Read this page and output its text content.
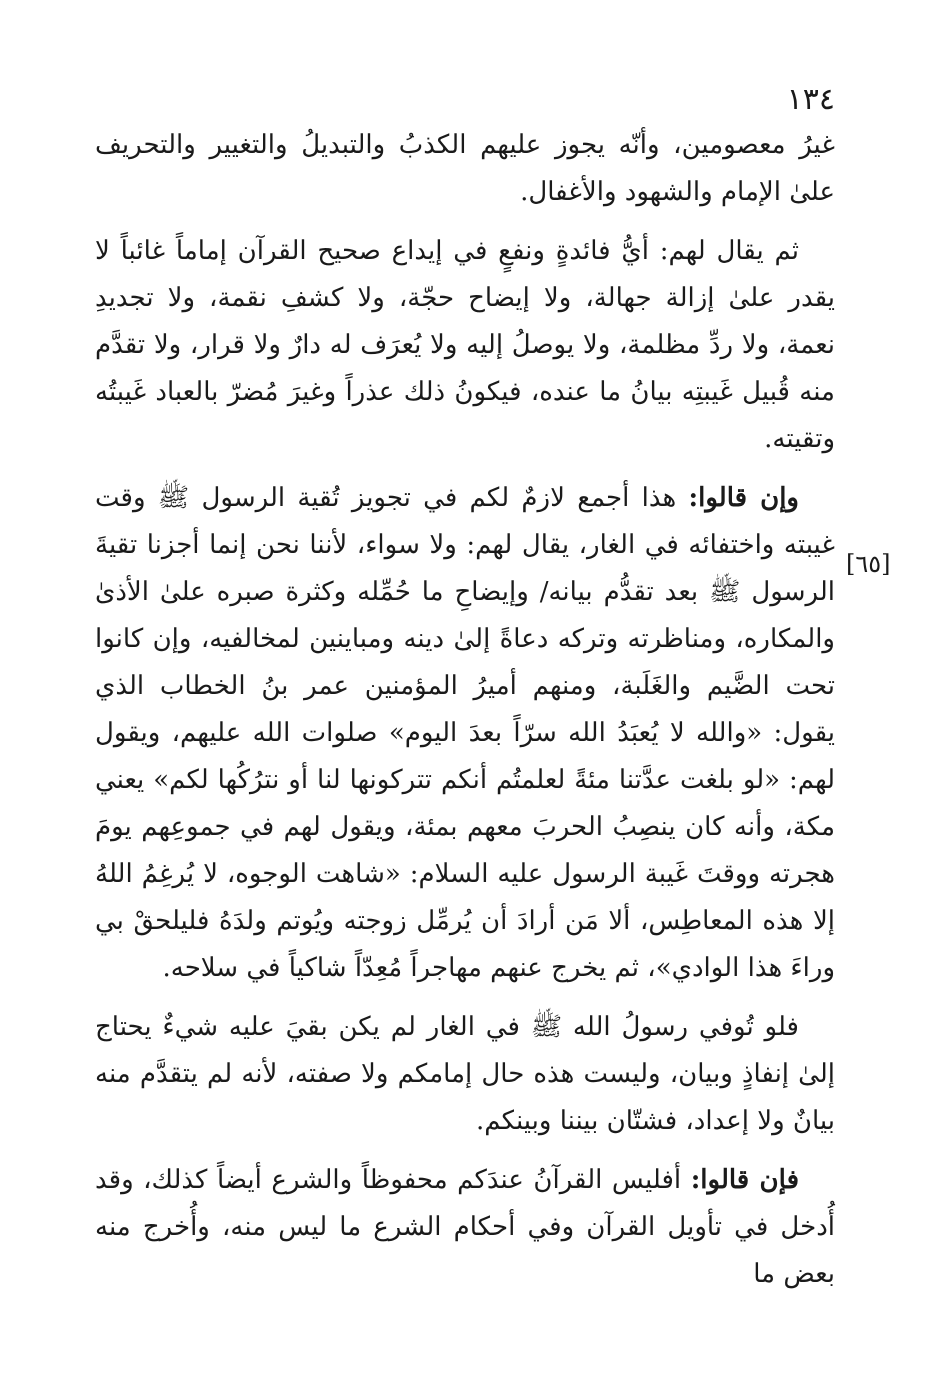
١٣٤
[٦٥]

غيرُ معصومين، وأنّه يجوز عليهم الكذبُ والتبديلُ والتغيير والتحريف علىٰ الإمام والشهود والأغفال.

ثم يقال لهم: أيُّ فائدةٍ ونفعٍ في إيداع صحيح القرآن إماماً غائباً لا يقدر علىٰ إزالة جهالة، ولا إيضاح حجّة، ولا كشفِ نقمة، ولا تجديدِ نعمة، ولا ردِّ مظلمة، ولا يوصلُ إليه ولا يُعرَف له دارٌ ولا قرار، ولا تقدَّم منه قُبيل غَيبتِه بيانُ ما عنده، فيكونُ ذلك عذراً وغيرَ مُضرّ بالعباد غَيبتُه وتقيته.

وإن قالوا: هذا أجمع لازمٌ لكم في تجويز تُقية الرسول ﷺ وقت غيبته واختفائه في الغار، يقال لهم: ولا سواء، لأننا نحن إنما أجزنا تقيةَ الرسول ﷺ بعد تقدُّم بيانه/ وإيضاحِ ما حُمِّله وكثرة صبره علىٰ الأذىٰ والمكاره، ومناظرته وتركه دعاةً إلىٰ دينه ومباينين لمخالفيه، وإن كانوا تحت الضَّيم والغَلَبة، ومنهم أميرُ المؤمنين عمر بنُ الخطاب الذي يقول: «والله لا يُعبَدُ الله سرّاً بعدَ اليوم» صلوات الله عليهم، ويقول لهم: «لو بلغت عدَّتنا مئةً لعلمتُم أنكم تتركونها لنا أو نترُكُها لكم» يعني مكة، وأنه كان ينصِبُ الحربَ معهم بمئة، ويقول لهم في جموعِهم يومَ هجرته ووقتَ غَيبة الرسول عليه السلام: «شاهت الوجوه، لا يُرغِمُ اللهُ إلا هذه المعاطِس، ألا مَن أرادَ أن يُرمِّل زوجته ويُوتم ولدَهُ فليلحقْ بي وراءَ هذا الوادي»، ثم يخرج عنهم مهاجراً مُعِدّاً شاكياً في سلاحه.

فلو تُوفي رسولُ الله ﷺ في الغار لم يكن بقيَ عليه شيءٌ يحتاج إلىٰ إنفاذٍ وبيان، وليست هذه حال إمامكم ولا صفته، لأنه لم يتقدَّم منه بيانٌ ولا إعداد، فشتّان بيننا وبينكم.

فإن قالوا: أفليس القرآنُ عندَكم محفوظاً والشرع أيضاً كذلك، وقد أُدخل في تأويل القرآن وفي أحكام الشرع ما ليس منه، وأُخرج منه بعض ما
